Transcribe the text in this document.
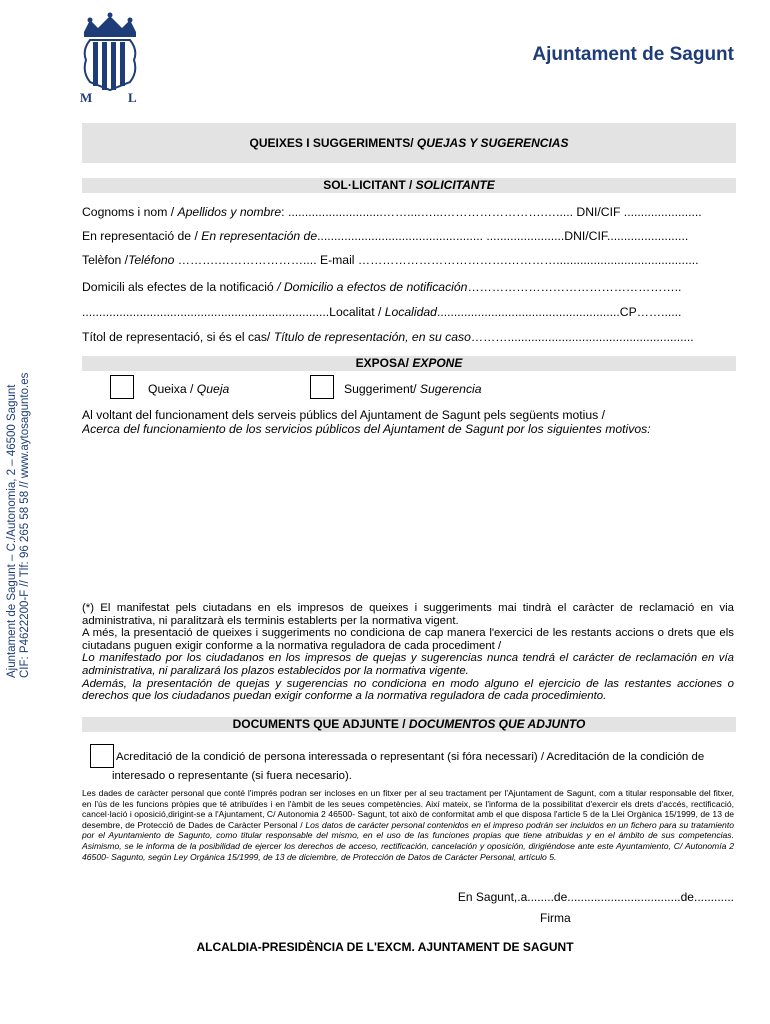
M	L
Ajuntament de Sagunt
Ajuntament de Sagunt – C./Autonomia, 2 – 46500 Sagunt CIF: P4622200-F // Tlf: 96 265 58 58 // www.aytosagunto.es
QUEIXES I SUGGERIMENTS/ QUEJAS Y SUGERENCIAS
SOL·LICITANT / SOLICITANTE
Cognoms i nom / Apellidos y nombre: ............................……....…...…………………….…..... DNI/CIF .......................
En representació de / En representación de................................................. .......................DNI/CIF........................
Telèfon /Teléfono ……….………………….... E-mail ……………………………….…………..........................................
Domicili als efectes de la notificació / Domicilio a efectos de notificación……………………………………………..
.........................................................................Localitat / Localidad......................................................CP……......
Títol de representació, si és el cas/ Título de representación, en su caso……….......................................................
EXPOSA/ EXPONE
Queixa / Queja	Suggeriment/ Sugerencia
Al voltant del funcionament dels serveis públics del Ajuntament de Sagunt pels següents motius /
Acerca del funcionamiento de los servicios públicos del Ajuntament de Sagunt por los siguientes motivos:
(*) El manifestat pels ciutadans en els impresos de queixes i suggeriments mai tindrà el caràcter de reclamació en via administrativa, ni paralitzarà els terminis establerts per la normativa vigent.
A més, la presentació de queixes i suggeriments no condiciona de cap manera l'exercici de les restants accions o drets que els ciutadans puguen exigir conforme a la normativa reguladora de cada procediment /
Lo manifestado por los ciudadanos en los impresos de quejas y sugerencias nunca tendrá el carácter de reclamación en vía administrativa, ni paralizará los plazos establecidos por la normativa vigente.
Además, la presentación de quejas y sugerencias no condiciona en modo alguno el ejercicio de las restantes acciones o derechos que los ciudadanos puedan exigir conforme a la normativa reguladora de cada procedimiento.
DOCUMENTS QUE ADJUNTE / DOCUMENTOS QUE ADJUNTO
Acreditació de la condició de persona interessada o representant (si fóra necessari) / Acreditación de la condición de
interesado o representante (si fuera necesario).
Les dades de caràcter personal que conté l'imprés podran ser incloses en un fitxer per al seu tractament per l'Ajuntament de Sagunt, com a titular responsable del fitxer, en l'ús de les funcions pròpies que té atribuïdes i en l'àmbit de les seues competències. Així mateix, se l'informa de la possibilitat d'exercir els drets d'accés, rectificació, cancel·lació i oposició,dirigint-se a l'Ajuntament, C/ Autonomia 2 46500- Sagunt, tot això de conformitat amb el que disposa l'article 5 de la Llei Orgànica 15/1999, de 13 de desembre, de Protecció de Dades de Caràcter Personal / Los datos de carácter personal contenidos en el impreso podrán ser incluidos en un fichero para su tratamiento por el Ayuntamiento de Sagunto, como titular responsable del mismo, en el uso de las funciones propias que tiene atribuidas y en el ámbito de sus competencias. Asimismo, se le informa de la posibilidad de ejercer los derechos de acceso, rectificación, cancelación y oposición, dirigiéndose ante este Ayuntamiento, C/ Autonomía 2 46500- Sagunto, según Ley Orgánica 15/1999, de 13 de diciembre, de Protección de Datos de Carácter Personal, artículo 5.
En Sagunt,.a........de..................................de............
Firma
ALCALDIA-PRESIDÈNCIA DE L'EXCM. AJUNTAMENT DE SAGUNT
